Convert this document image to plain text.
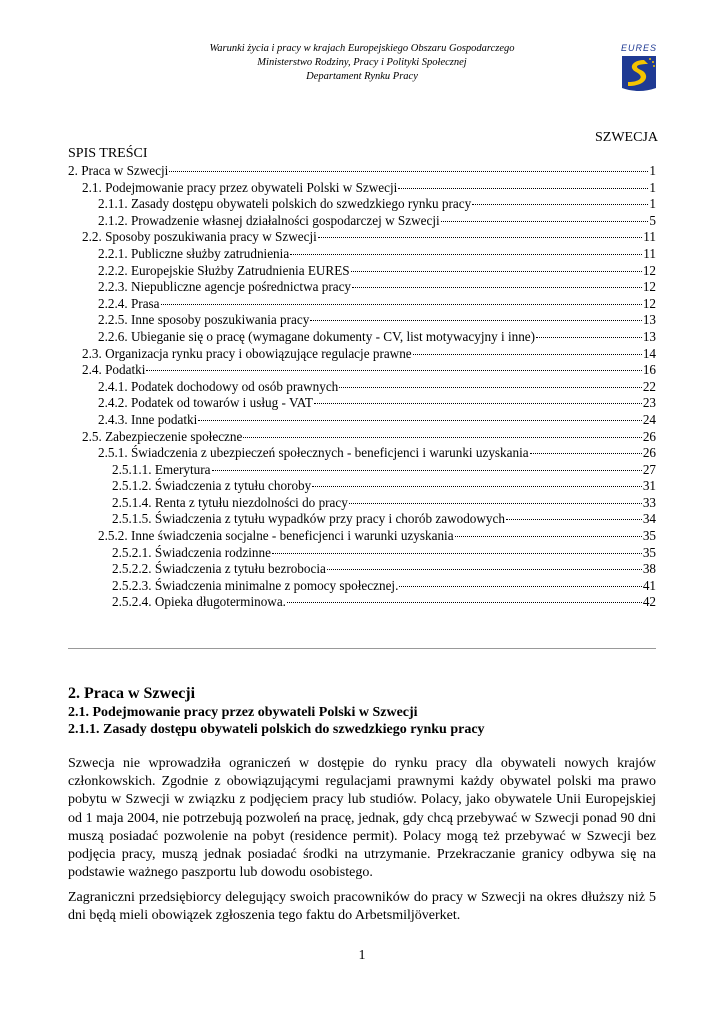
Warunki życia i pracy w krajach Europejskiego Obszaru Gospodarczego
Ministerstwo Rodziny, Pracy i Polityki Społecznej
Departament Rynku Pracy
EURES
SZWECJA
SPIS TREŚCI
2. Praca w Szwecji	1
2.1. Podejmowanie pracy przez obywateli Polski w Szwecji	1
2.1.1. Zasady dostępu obywateli polskich do szwedzkiego rynku pracy	1
2.1.2. Prowadzenie własnej działalności gospodarczej w Szwecji	5
2.2. Sposoby poszukiwania pracy w Szwecji	11
2.2.1. Publiczne służby zatrudnienia	11
2.2.2. Europejskie Służby Zatrudnienia EURES	12
2.2.3. Niepubliczne agencje pośrednictwa pracy	12
2.2.4. Prasa	12
2.2.5. Inne sposoby poszukiwania pracy	13
2.2.6. Ubieganie się o pracę (wymagane dokumenty - CV, list motywacyjny i inne)	13
2.3. Organizacja rynku pracy i obowiązujące regulacje prawne	14
2.4. Podatki	16
2.4.1. Podatek dochodowy od osób prawnych	22
2.4.2. Podatek od towarów i usług - VAT	23
2.4.3. Inne podatki	24
2.5. Zabezpieczenie społeczne	26
2.5.1. Świadczenia z ubezpieczeń społecznych - beneficjenci i warunki uzyskania	26
2.5.1.1. Emerytura	27
2.5.1.2. Świadczenia z tytułu choroby	31
2.5.1.4. Renta z tytułu niezdolności do pracy	33
2.5.1.5. Świadczenia z tytułu wypadków przy pracy i chorób zawodowych	34
2.5.2. Inne świadczenia socjalne - beneficjenci i warunki uzyskania	35
2.5.2.1. Świadczenia rodzinne	35
2.5.2.2. Świadczenia z tytułu bezrobocia	38
2.5.2.3. Świadczenia minimalne z pomocy społecznej.	41
2.5.2.4. Opieka długoterminowa.	42
2. Praca w Szwecji
2.1. Podejmowanie pracy przez obywateli Polski w Szwecji
2.1.1. Zasady dostępu obywateli polskich do szwedzkiego rynku pracy

Szwecja nie wprowadziła ograniczeń w dostępie do rynku pracy dla obywateli nowych krajów członkowskich. Zgodnie z obowiązującymi regulacjami prawnymi każdy obywatel polski ma prawo pobytu w Szwecji w związku z podjęciem pracy lub studiów. Polacy, jako obywatele Unii Europejskiej od 1 maja 2004, nie potrzebują pozwoleń na pracę, jednak, gdy chcą przebywać w Szwecji ponad 90 dni muszą posiadać pozwolenie na pobyt (residence permit). Polacy mogą też przebywać w Szwecji bez podjęcia pracy, muszą jednak posiadać środki na utrzymanie. Przekraczanie granicy odbywa się na podstawie ważnego paszportu lub dowodu osobistego.

Zagraniczni przedsiębiorcy delegujący swoich pracowników do pracy w Szwecji na okres dłuższy niż 5 dni będą mieli obowiązek zgłoszenia tego faktu do Arbetsmiljöverket.

1
